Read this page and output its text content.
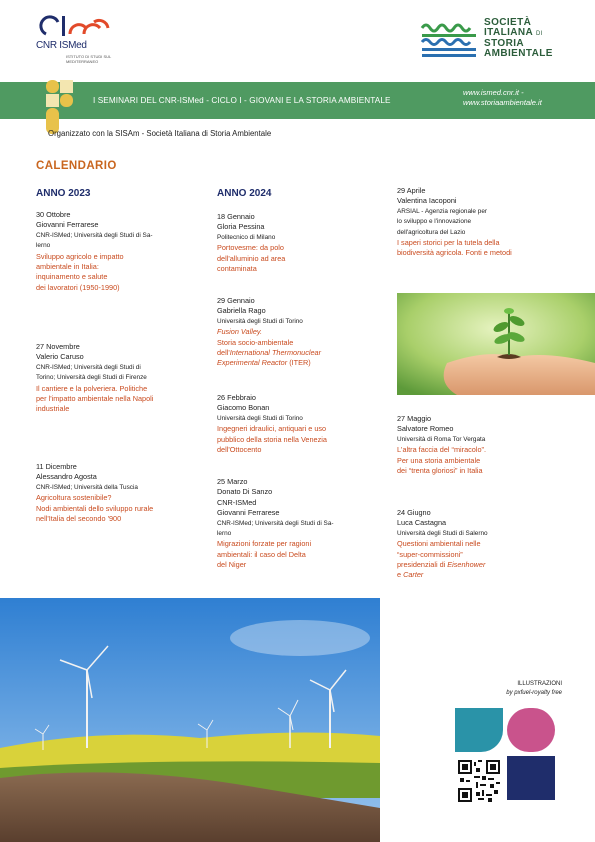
CNR ISMed
ISTITUTO DI STUDI SUL MEDITERRANEO
SOCIETÀ
ITALIANA DI
STORIA
AMBIENTALE
I SEMINARI DEL CNR-ISMed - CICLO I - GIOVANI E LA STORIA AMBIENTALE
www.ismed.cnr.it -
www.storiaambientale.it
Organizzato con la SISAm - Società Italiana di Storia Ambientale
CALENDARIO
ANNO 2023	ANNO 2024
30 Ottobre
Giovanni Ferrarese
CNR-ISMed; Università degli Studi di Sa-
lerno
Sviluppo agricolo e impatto
ambientale in Italia:
inquinamento e salute
dei lavoratori (1950-1990)
27 Novembre
Valerio Caruso
CNR-ISMed; Università degli Studi di
Torino; Università degli Studi di Firenze
Il cantiere e la polveriera. Politiche
per l'impatto ambientale nella Napoli
industriale
11 Dicembre
Alessandro Agosta
CNR-ISMed; Università della Tuscia
Agricoltura sostenibile?
Nodi ambientali dello sviluppo rurale
nell'Italia del secondo '900
18 Gennaio
Gloria Pessina
Politecnico di Milano
Portovesme: da polo
dell'alluminio ad area
contaminata
29 Gennaio
Gabriella Rago
Università degli Studi di Torino
Fusion Valley.
Storia socio-ambientale
dell'International Thermonuclear
Experimental Reactor (ITER)
26 Febbraio
Giacomo Bonan
Università degli Studi di Torino
Ingegneri idraulici, antiquari e uso
pubblico della storia nella Venezia
dell'Ottocento
25 Marzo
Donato Di Sanzo
CNR-ISMed
Giovanni Ferrarese
CNR-ISMed; Università degli Studi di Sa-
lerno
Migrazioni forzate per ragioni
ambientali: il caso del Delta
del Niger
29 Aprile
Valentina Iacoponi
ARSIAL - Agenzia regionale per
lo sviluppo e l'innovazione
dell'agricoltura del Lazio
I saperi storici per la tutela della
biodiversità agricola. Fonti e metodi
27 Maggio
Salvatore Romeo
Università di Roma Tor Vergata
L'altra faccia del “miracolo”.
Per una storia ambientale
dei “trenta gloriosi” in Italia
24 Giugno
Luca Castagna
Università degli Studi di Salerno
Questioni ambientali nelle
“super-commissioni”
presidenziali di Eisenhower
e Carter
ILLUSTRAZIONI
by pxfuel-royalty free
